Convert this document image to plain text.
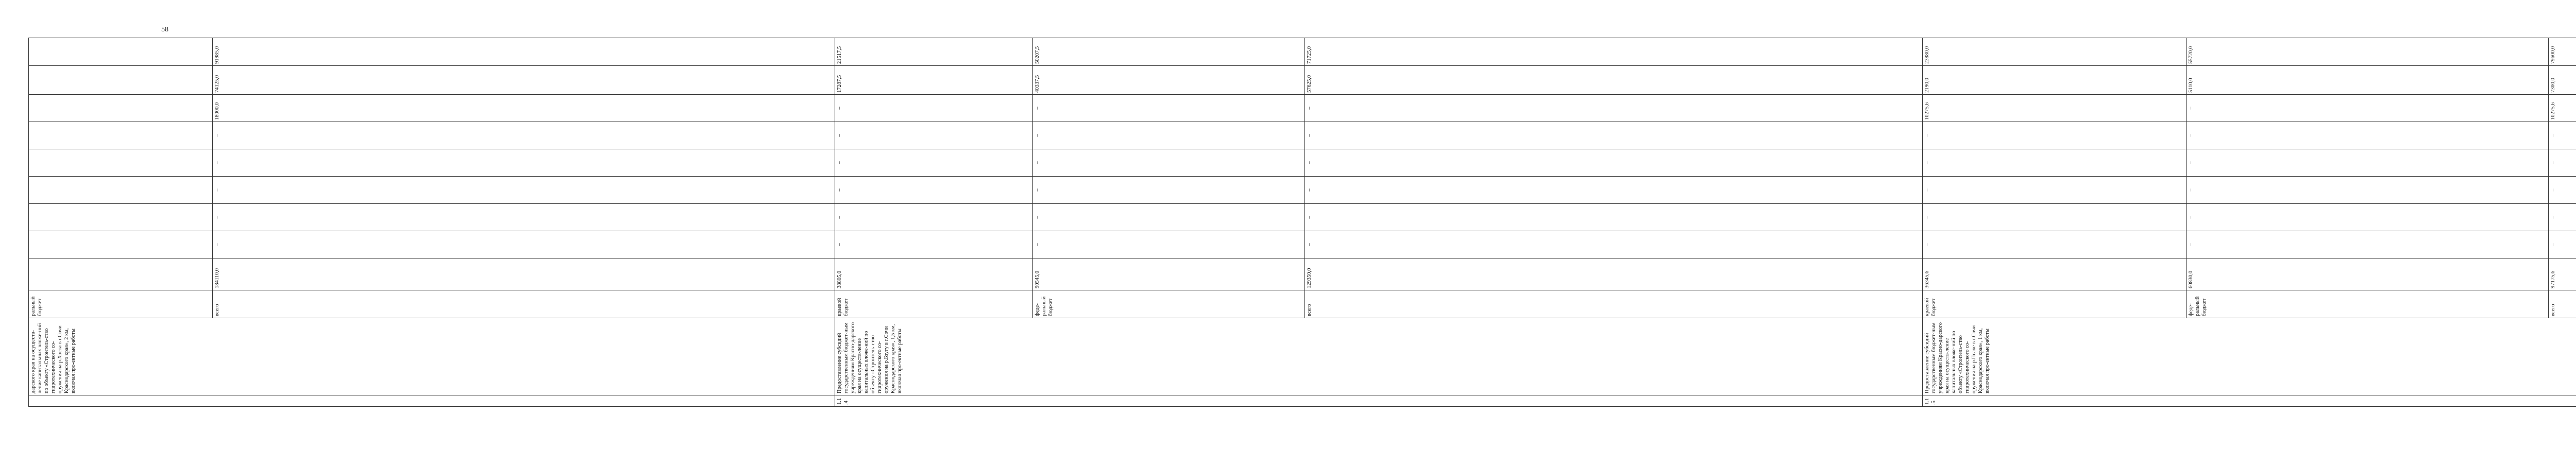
58
	дарского края на осуществ-ление капитальных вложе-ний по объекту «Строитель-ство гидротехнического со-оружения на р.Хоста в г.Сочи Краснодарского края», 2 км, включая про-ектные работы	ральный бюджет										
		всего	184110,0	–	–	–	–	–	18000,0	74125,0	91985,0	
1.1.4	Предоставление субсидий государственным бюджет-ным учреждениям Красно-дарского края на осуществ-ление капитальных вложе-ний по объекту «Строитель-ство гидротехнического со-оружения на р.Бзугу в г.Сочи Краснодарского края», 1,5 км, включая про-ектные работы	краевой бюджет	38805,0	–	–	–	–	–	–	17287,5	21517,5	
		феде-ральный бюджет	90545,0	–	–	–	–	–	–	40337,5	50207,5	
		всего	129350,0	–	–	–	–	–	–	57625,0	71725,0	
1.1.5	Предоставление субсидий государственным бюджет-ным учреждениям Красно-дарского края на осуществ-ление капитальных вложе-ний по объекту «Строитель-ство гидротехнического со-оружения на р.Псахе в г.Сочи Краснодарского края», 1 км, включая про-ектные работы	краевой бюджет	36345,6	–	–	–	–	–	10275,6	2190,0	23880,0	
		феде-ральный бюджет	60830,0	–	–	–	–	–	–	5110,0	55720,0	
		всего	97175,6	–	–	–	–	–	10275,6	7300,0	79600,0	
